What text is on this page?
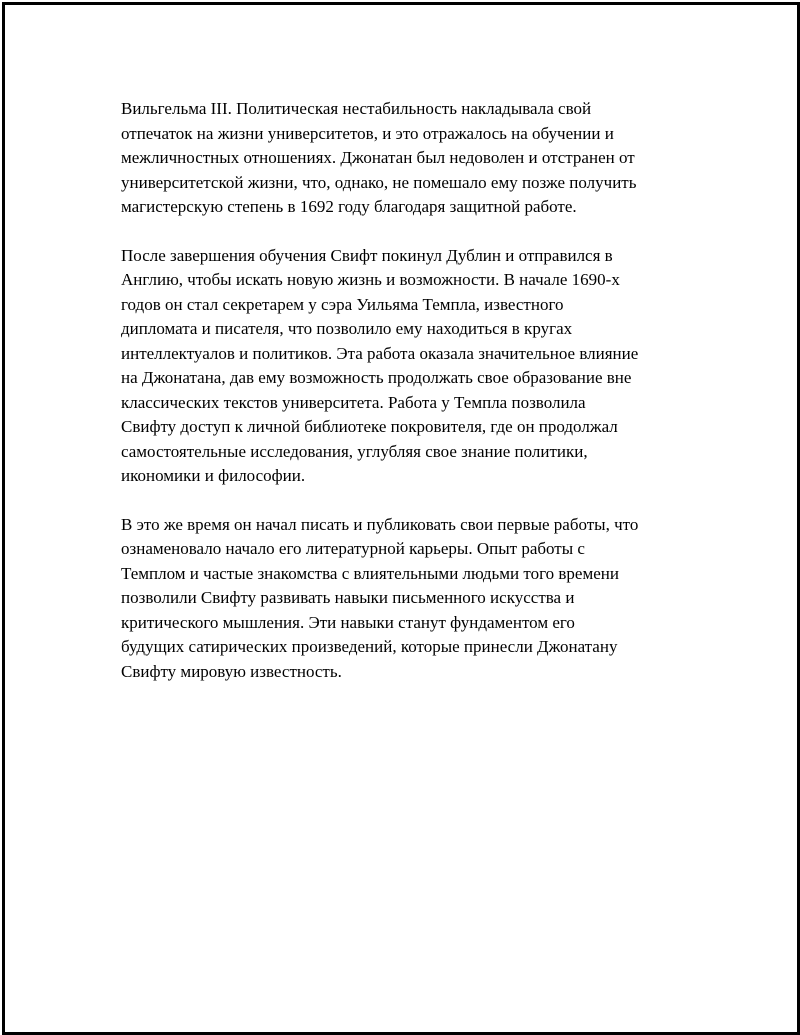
Вильгельма III. Политическая нестабильность накладывала свой
отпечаток на жизни университетов, и это отражалось на обучении и
межличностных отношениях. Джонатан был недоволен и отстранен от
университетской жизни, что, однако, не помешало ему позже получить
магистерскую степень в 1692 году благодаря защитной работе.

После завершения обучения Свифт покинул Дублин и отправился в
Англию, чтобы искать новую жизнь и возможности. В начале 1690-х
годов он стал секретарем у сэра Уильяма Темпла, известного
дипломата и писателя, что позволило ему находиться в кругах
интеллектуалов и политиков. Эта работа оказала значительное влияние
на Джонатана, дав ему возможность продолжать свое образование вне
классических текстов университета. Работа у Темпла позволила
Свифту доступ к личной библиотеке покровителя, где он продолжал
самостоятельные исследования, углубляя свое знание политики,
икономики и философии.

В это же время он начал писать и публиковать свои первые работы, что
ознаменовало начало его литературной карьеры. Опыт работы с
Темплом и частые знакомства с влиятельными людьми того времени
позволили Свифту развивать навыки письменного искусства и
критического мышления. Эти навыки станут фундаментом его
будущих сатирических произведений, которые принесли Джонатану
Свифту мировую известность.
